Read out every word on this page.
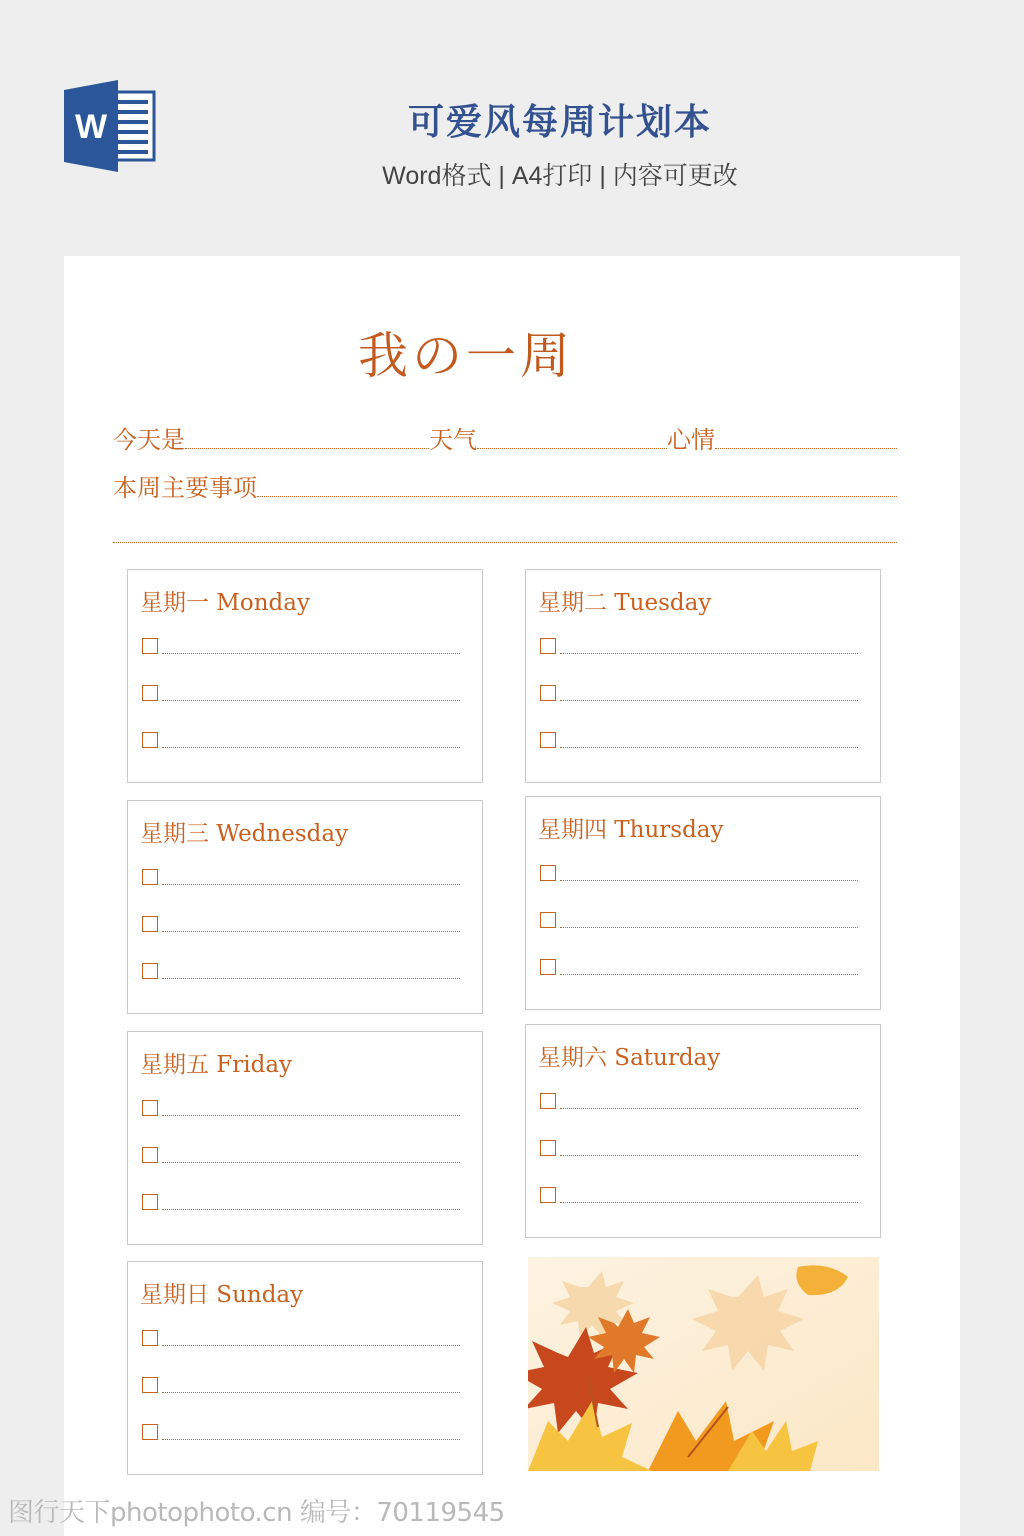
W	可爱风每周计划本
Word格式 | A4打印 | 内容可更改
我の一周
今天是	天气	心情
本周主要事项
星期一 Monday	星期二 Tuesday
星期三 Wednesday	星期四 Thursday
星期五 Friday	星期六 Saturday
星期日 Sunday
图行天下photophoto.cn 编号：70119545
